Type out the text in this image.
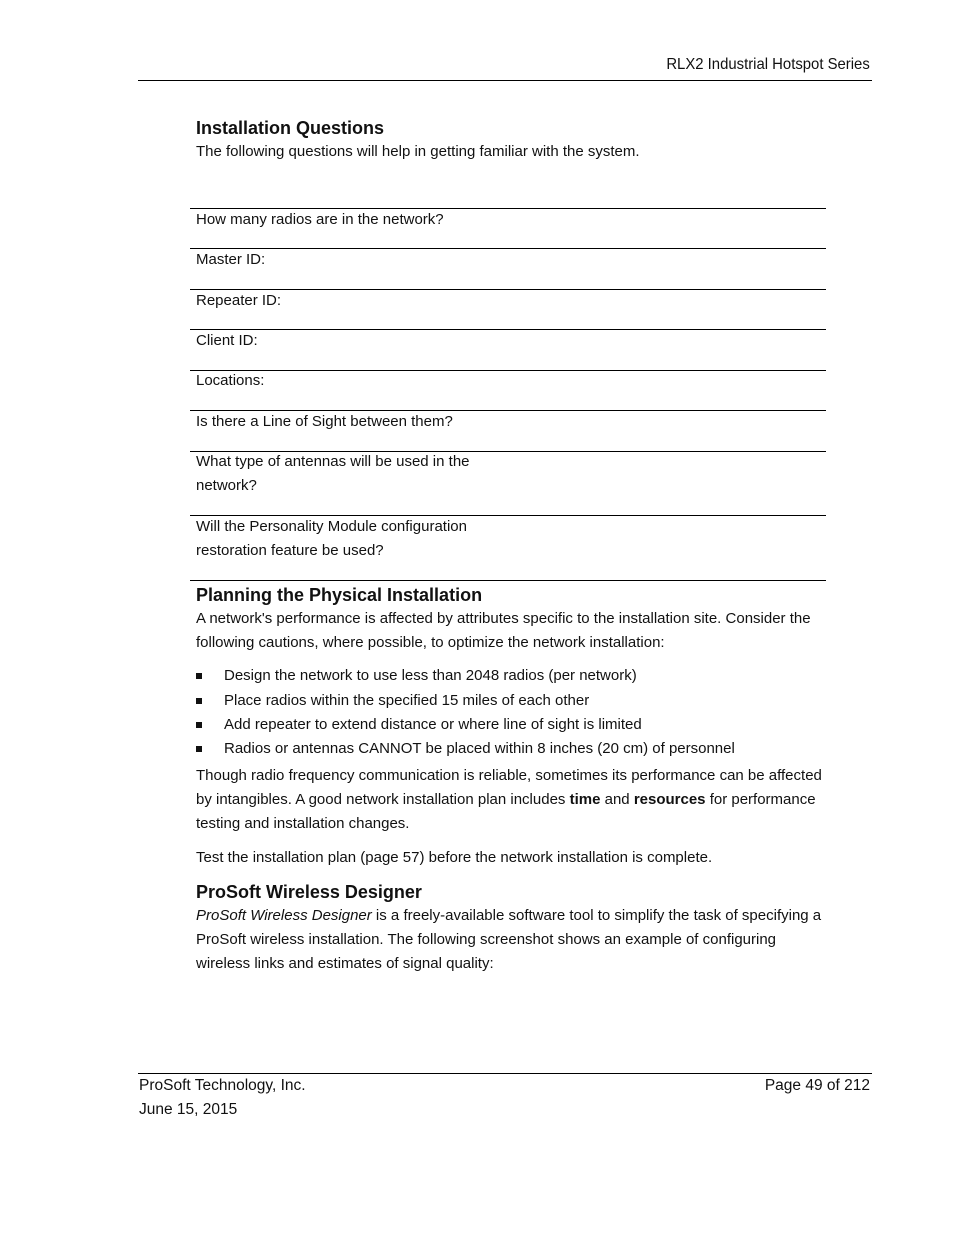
RLX2 Industrial Hotspot Series
Installation Questions
The following questions will help in getting familiar with the system.
How many radios are in the network?
Master ID:
Repeater ID:
Client ID:
Locations:
Is there a Line of Sight between them?
What type of antennas will be used in the network?
Will the Personality Module configuration restoration feature be used?
Planning the Physical Installation
A network's performance is affected by attributes specific to the installation site. Consider the following cautions, where possible, to optimize the network installation:
Design the network to use less than 2048 radios (per network)
Place radios within the specified 15 miles of each other
Add repeater to extend distance or where line of sight is limited
Radios or antennas CANNOT be placed within 8 inches (20 cm) of personnel
Though radio frequency communication is reliable, sometimes its performance can be affected by intangibles. A good network installation plan includes time and resources for performance testing and installation changes.
Test the installation plan (page 57) before the network installation is complete.
ProSoft Wireless Designer
ProSoft Wireless Designer is a freely-available software tool to simplify the task of specifying a ProSoft wireless installation. The following screenshot shows an example of configuring wireless links and estimates of signal quality:
ProSoft Technology, Inc.
June 15, 2015
Page 49 of 212
